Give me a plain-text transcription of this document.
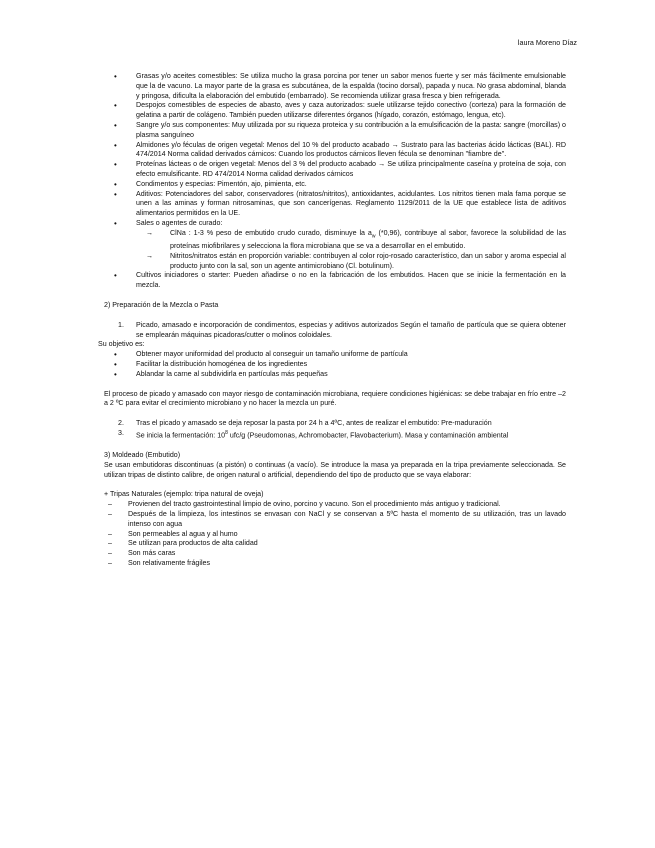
laura Moreno Díaz
• Grasas y/o aceites comestibles: Se utiliza mucho la grasa porcina por tener un sabor menos fuerte y ser más fácilmente emulsionable que la de vacuno. La mayor parte de la grasa es subcutánea, de la espalda (tocino dorsal), papada y nuca. No grasa abdominal, blanda y pringosa, dificulta la elaboración del embutido (embarrado). Se recomienda utilizar grasa fresca y bien refrigerada.
• Despojos comestibles de especies de abasto, aves y caza autorizados: suele utilizarse tejido conectivo (corteza) para la formación de gelatina a partir de colágeno. También pueden utilizarse diferentes órganos (hígado, corazón, estómago, lengua, etc).
• Sangre y/o sus componentes: Muy utilizada por su riqueza proteica y su contribución a la emulsificación de la pasta: sangre (morcillas) o plasma sanguíneo
• Almidones y/o féculas de origen vegetal: Menos del 10 % del producto acabado → Sustrato para las bacterias ácido lácticas (BAL). RD 474/2014 Norma calidad derivados cárnicos: Cuando los productos cárnicos lleven fécula se denominan "fiambre de".
• Proteínas lácteas o de origen vegetal: Menos del 3 % del producto acabado → Se utiliza principalmente caseína y proteína de soja, con efecto emulsificante. RD 474/2014 Norma calidad derivados cárnicos
• Condimentos y especias: Pimentón, ajo, pimienta, etc.
• Aditivos: Potenciadores del sabor, conservadores (nitratos/nitritos), antioxidantes, acidulantes. Los nitritos tienen mala fama porque se unen a las aminas y forman nitrosaminas, que son cancerígenas. Reglamento 1129/2011 de la UE que establece lista de aditivos alimentarios permitidos en la UE.
• Sales o agentes de curado:
→ ClNa : 1-3 % peso de embutido crudo curado, disminuye la $a_w$ (*0,96), contribuye al sabor, favorece la solubilidad de las proteínas miofibrilares y selecciona la flora microbiana que se va a desarrollar en el embutido.
→ Nitritos/nitratos están en proporción variable: contribuyen al color rojo-rosado característico, dan un sabor y aroma especial al producto junto con la sal, son un agente antimicrobiano (Cl. botulinum).
• Cultivos iniciadores o starter: Pueden añadirse o no en la fabricación de los embutidos. Hacen que se inicie la fermentación en la mezcla.

2) Preparación de la Mezcla o Pasta

1. Picado, amasado e incorporación de condimentos, especias y aditivos autorizados Según el tamaño de partícula que se quiera obtener se emplearán máquinas picadoras/cutter o molinos coloidales.

Su objetivo es:

• Obtener mayor uniformidad del producto al conseguir un tamaño uniforme de partícula
• Facilitar la distribución homogénea de los ingredientes
• Ablandar la carne al subdividirla en partículas más pequeñas

El proceso de picado y amasado con mayor riesgo de contaminación microbiana, requiere condiciones higiénicas: se debe trabajar en frío entre –2 a 2 ºC para evitar el crecimiento microbiano y no hacer la mezcla un puré.

2. Tras el picado y amasado se deja reposar la pasta por 24 h a 4ºC, antes de realizar el embutido: Pre-maduración
3. Se inicia la fermentación: $10^8$ ufc/g (Pseudomonas, Achromobacter, Flavobacterium). Masa y contaminación ambiental

3) Moldeado (Embutido)

Se usan embutidoras discontinuas (a pistón) o continuas (a vacío). Se introduce la masa ya preparada en la tripa previamente seleccionada. Se utilizan tripas de distinto calibre, de origen natural o artificial, dependiendo del tipo de producto que se vaya elaborar:

+ Tripas Naturales (ejemplo: tripa natural de oveja)

– Provienen del tracto gastrointestinal limpio de ovino, porcino y vacuno. Son el procedimiento más antiguo y tradicional.
– Después de la limpieza, los intestinos se envasan con NaCl y se conservan a 5ºC hasta el momento de su utilización, tras un lavado intenso con agua
– Son permeables al agua y al humo
– Se utilizan para productos de alta calidad
– Son más caras
– Son relativamente frágiles
